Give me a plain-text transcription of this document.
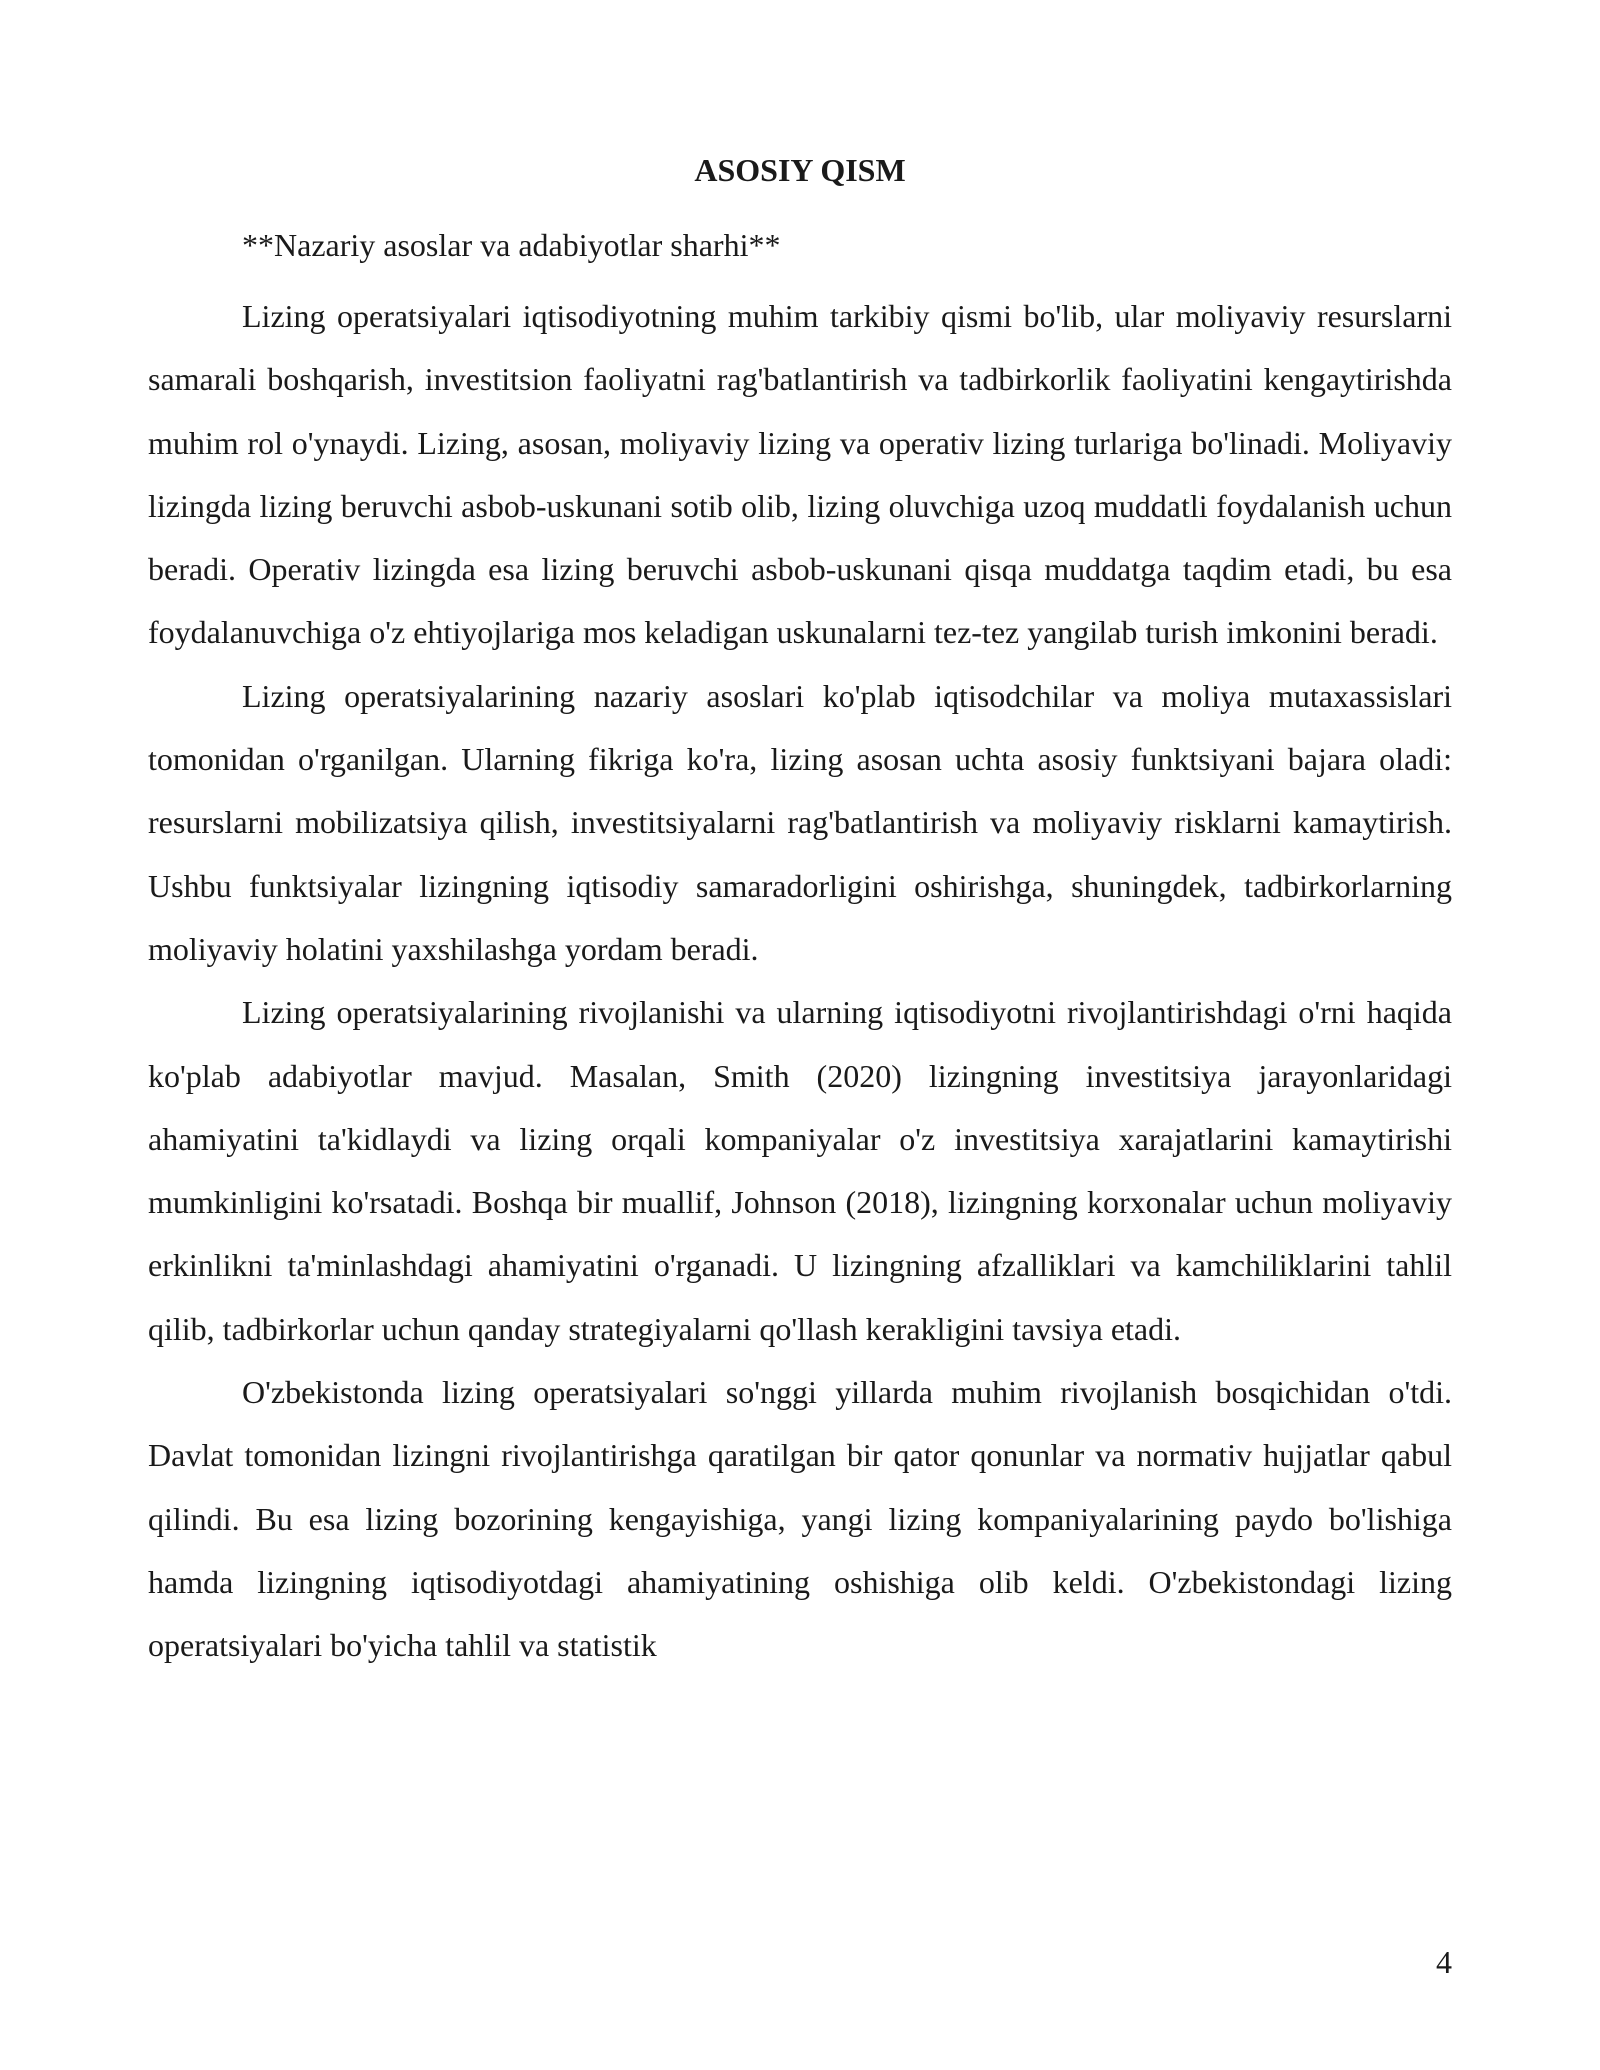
ASOSIY QISM

**Nazariy asoslar va adabiyotlar sharhi**

Lizing operatsiyalari iqtisodiyotning muhim tarkibiy qismi bo'lib, ular moliyaviy resurslarni samarali boshqarish, investitsion faoliyatni rag'batlantirish va tadbirkorlik faoliyatini kengaytirishda muhim rol o'ynaydi. Lizing, asosan, moliyaviy lizing va operativ lizing turlariga bo'linadi. Moliyaviy lizingda lizing beruvchi asbob-uskunani sotib olib, lizing oluvchiga uzoq muddatli foydalanish uchun beradi. Operativ lizingda esa lizing beruvchi asbob-uskunani qisqa muddatga taqdim etadi, bu esa foydalanuvchiga o'z ehtiyojlariga mos keladigan uskunalarni tez-tez yangilab turish imkonini beradi.

Lizing operatsiyalarining nazariy asoslari ko'plab iqtisodchilar va moliya mutaxassislari tomonidan o'rganilgan. Ularning fikriga ko'ra, lizing asosan uchta asosiy funktsiyani bajara oladi: resurslarni mobilizatsiya qilish, investitsiyalarni rag'batlantirish va moliyaviy risklarni kamaytirish. Ushbu funktsiyalar lizingning iqtisodiy samaradorligini oshirishga, shuningdek, tadbirkorlarning moliyaviy holatini yaxshilashga yordam beradi.

Lizing operatsiyalarining rivojlanishi va ularning iqtisodiyotni rivojlantirishdagi o'rni haqida ko'plab adabiyotlar mavjud. Masalan, Smith (2020) lizingning investitsiya jarayonlaridagi ahamiyatini ta'kidlaydi va lizing orqali kompaniyalar o'z investitsiya xarajatlarini kamaytirishi mumkinligini ko'rsatadi. Boshqa bir muallif, Johnson (2018), lizingning korxonalar uchun moliyaviy erkinlikni ta'minlashdagi ahamiyatini o'rganadi. U lizingning afzalliklari va kamchiliklarini tahlil qilib, tadbirkorlar uchun qanday strategiyalarni qo'llash kerakligini tavsiya etadi.

O'zbekistonda lizing operatsiyalari so'nggi yillarda muhim rivojlanish bosqichidan o'tdi. Davlat tomonidan lizingni rivojlantirishga qaratilgan bir qator qonunlar va normativ hujjatlar qabul qilindi. Bu esa lizing bozorining kengayishiga, yangi lizing kompaniyalarining paydo bo'lishiga hamda lizingning iqtisodiyotdagi ahamiyatining oshishiga olib keldi. O'zbekistondagi lizing operatsiyalari bo'yicha tahlil va statistik

4
